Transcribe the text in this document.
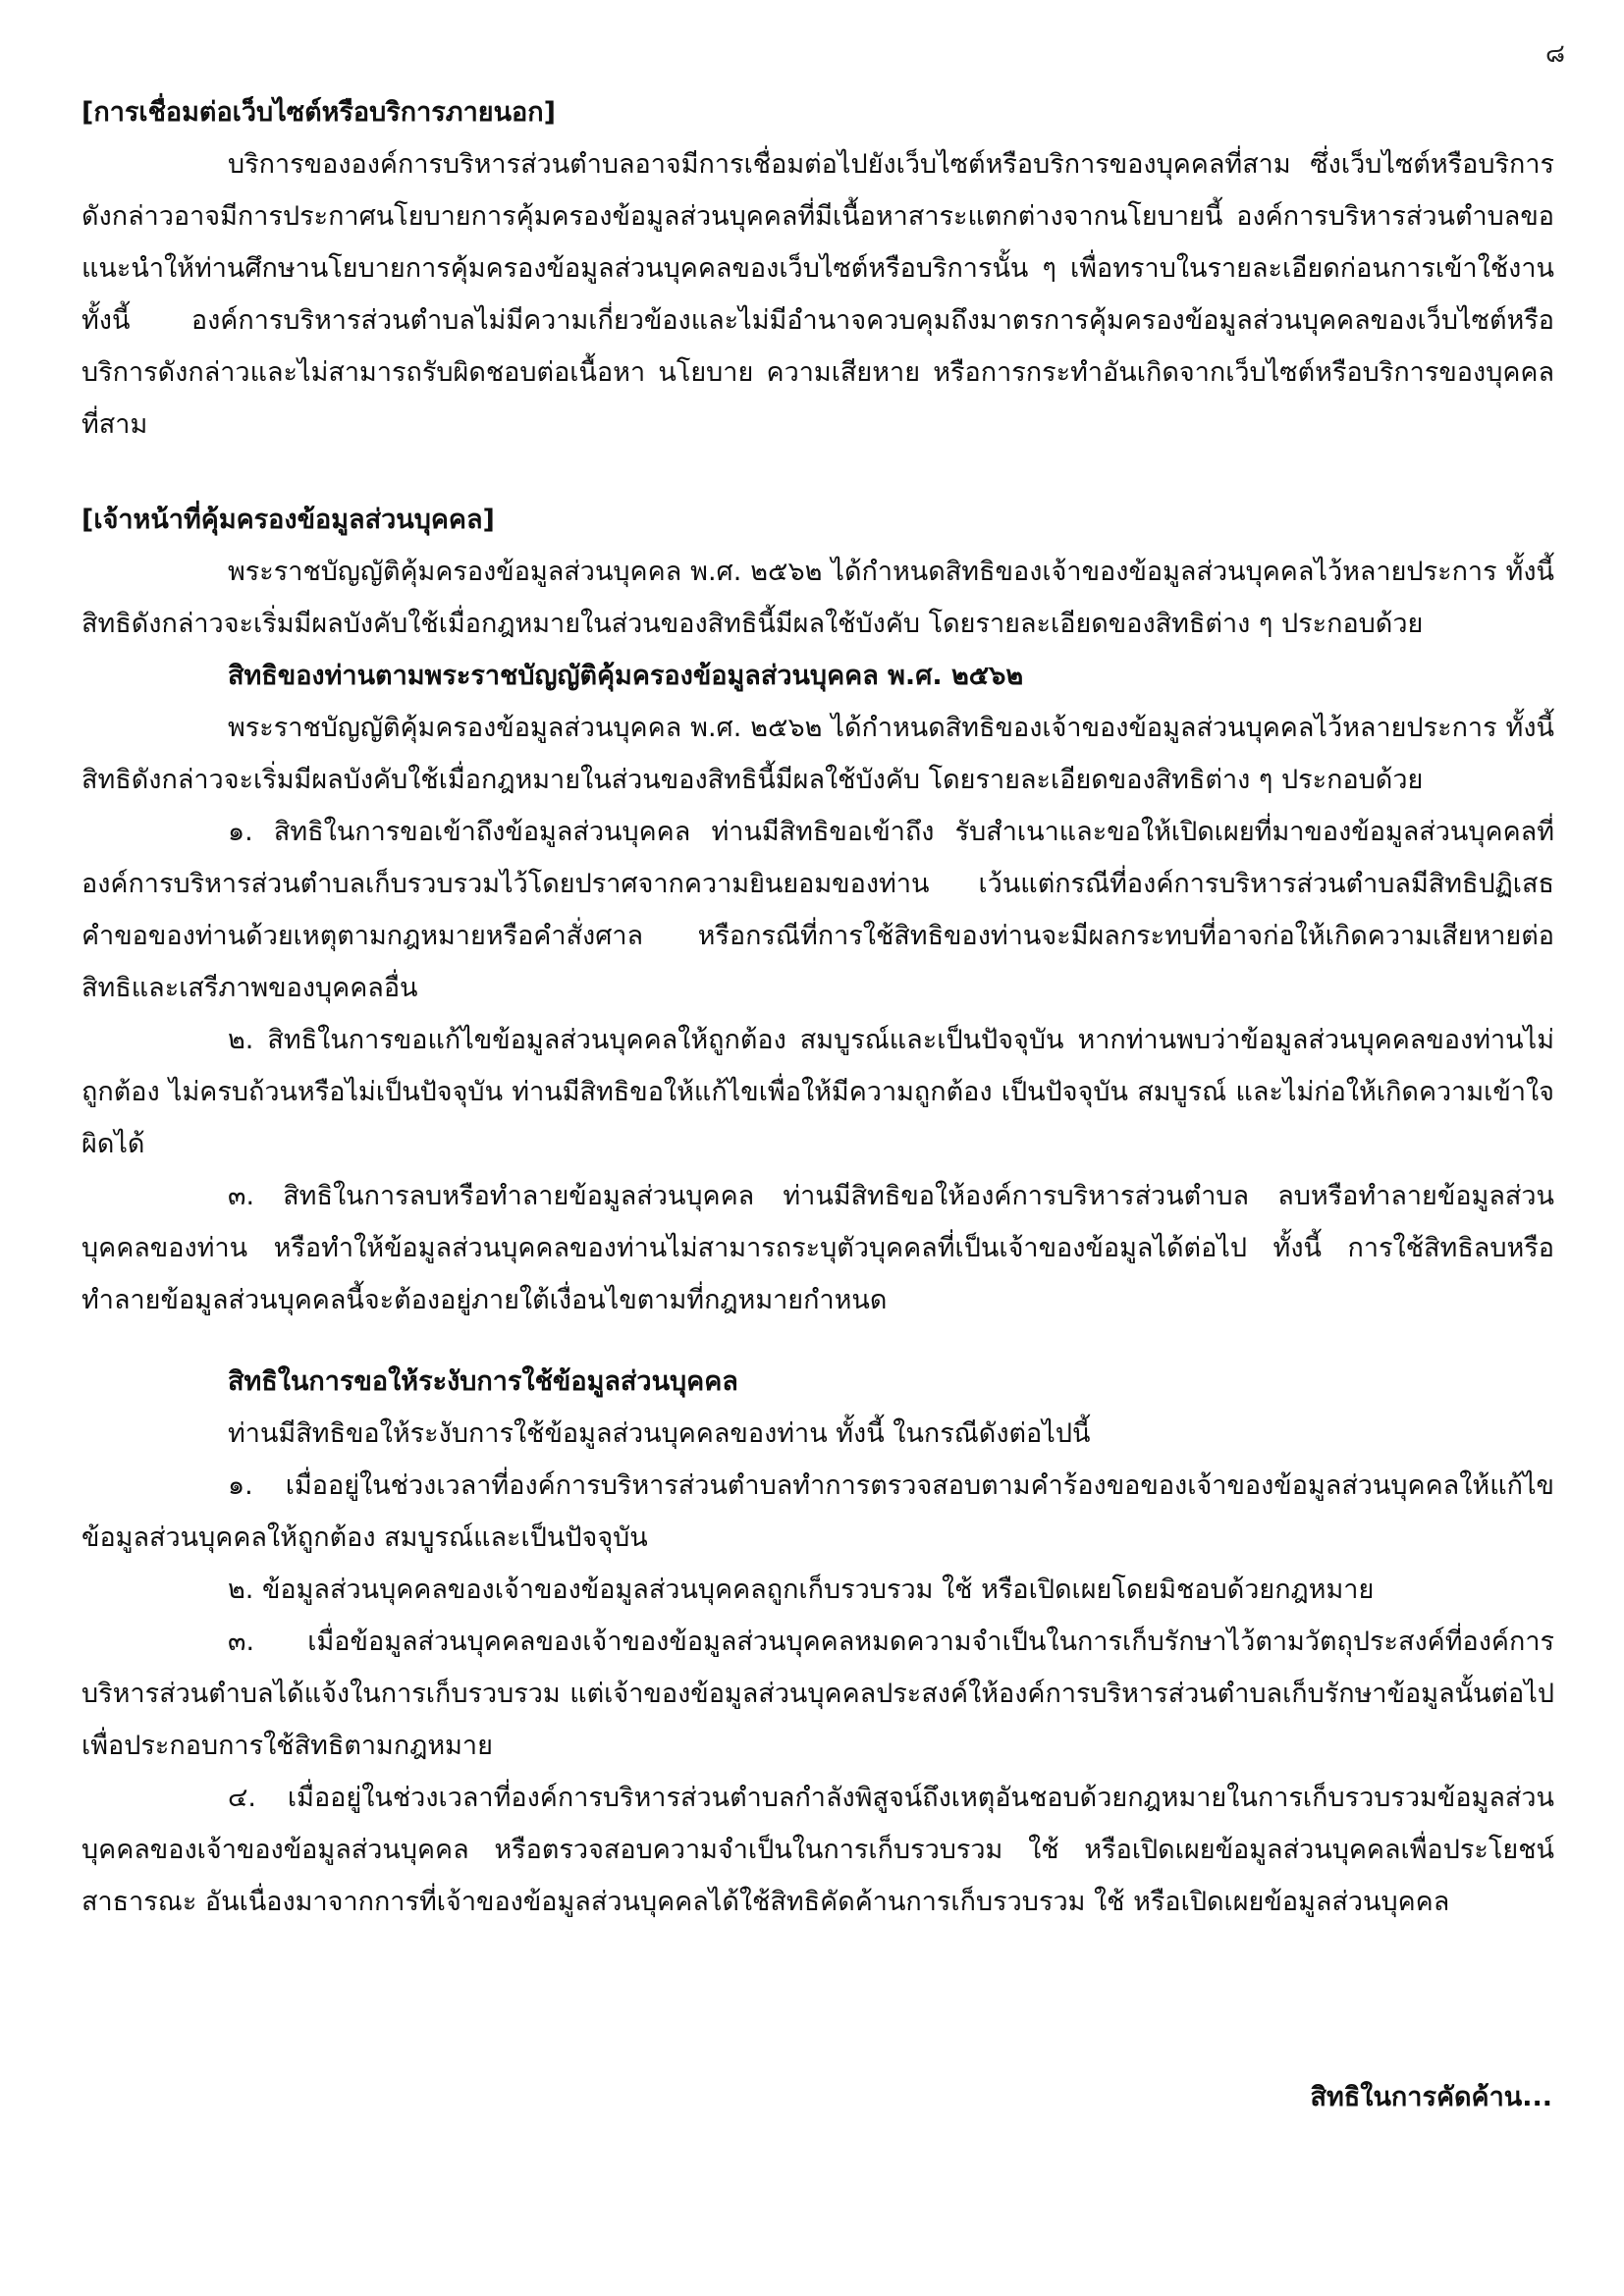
๘

[การเชื่อมต่อเว็บไซต์หรือบริการภายนอก]

บริการขององค์การบริหารส่วนตำบลอาจมีการเชื่อมต่อไปยังเว็บไซต์หรือบริการของบุคคลที่สาม ซึ่งเว็บไซต์หรือบริการดังกล่าวอาจมีการประกาศนโยบายการคุ้มครองข้อมูลส่วนบุคคลที่มีเนื้อหาสาระแตกต่างจากนโยบายนี้ องค์การบริหารส่วนตำบลขอแนะนำให้ท่านศึกษานโยบายการคุ้มครองข้อมูลส่วนบุคคลของเว็บไซต์หรือบริการนั้น ๆ เพื่อทราบในรายละเอียดก่อนการเข้าใช้งาน ทั้งนี้ องค์การบริหารส่วนตำบลไม่มีความเกี่ยวข้องและไม่มีอำนาจควบคุมถึงมาตรการคุ้มครองข้อมูลส่วนบุคคลของเว็บไซต์หรือบริการดังกล่าวและไม่สามารถรับผิดชอบต่อเนื้อหา นโยบาย ความเสียหาย หรือการกระทำอันเกิดจากเว็บไซต์หรือบริการของบุคคลที่สาม

[เจ้าหน้าที่คุ้มครองข้อมูลส่วนบุคคล]

พระราชบัญญัติคุ้มครองข้อมูลส่วนบุคคล พ.ศ. ๒๕๖๒ ได้กำหนดสิทธิของเจ้าของข้อมูลส่วนบุคคลไว้หลายประการ ทั้งนี้ สิทธิดังกล่าวจะเริ่มมีผลบังคับใช้เมื่อกฎหมายในส่วนของสิทธินี้มีผลใช้บังคับ โดยรายละเอียดของสิทธิต่าง ๆ ประกอบด้วย

สิทธิของท่านตามพระราชบัญญัติคุ้มครองข้อมูลส่วนบุคคล พ.ศ. ๒๕๖๒

พระราชบัญญัติคุ้มครองข้อมูลส่วนบุคคล พ.ศ. ๒๕๖๒ ได้กำหนดสิทธิของเจ้าของข้อมูลส่วนบุคคลไว้หลายประการ ทั้งนี้ สิทธิดังกล่าวจะเริ่มมีผลบังคับใช้เมื่อกฎหมายในส่วนของสิทธินี้มีผลใช้บังคับ โดยรายละเอียดของสิทธิต่าง ๆ ประกอบด้วย

๑. สิทธิในการขอเข้าถึงข้อมูลส่วนบุคคล ท่านมีสิทธิขอเข้าถึง รับสำเนาและขอให้เปิดเผยที่มาของข้อมูลส่วนบุคคลที่องค์การบริหารส่วนตำบลเก็บรวบรวมไว้โดยปราศจากความยินยอมของท่าน เว้นแต่กรณีที่องค์การบริหารส่วนตำบลมีสิทธิปฏิเสธคำขอของท่านด้วยเหตุตามกฎหมายหรือคำสั่งศาล หรือกรณีที่การใช้สิทธิของท่านจะมีผลกระทบที่อาจก่อให้เกิดความเสียหายต่อสิทธิและเสรีภาพของบุคคลอื่น

๒. สิทธิในการขอแก้ไขข้อมูลส่วนบุคคลให้ถูกต้อง สมบูรณ์และเป็นปัจจุบัน หากท่านพบว่าข้อมูลส่วนบุคคลของท่านไม่ถูกต้อง ไม่ครบถ้วนหรือไม่เป็นปัจจุบัน ท่านมีสิทธิขอให้แก้ไขเพื่อให้มีความถูกต้อง เป็นปัจจุบัน สมบูรณ์ และไม่ก่อให้เกิดความเข้าใจผิดได้

๓. สิทธิในการลบหรือทำลายข้อมูลส่วนบุคคล ท่านมีสิทธิขอให้องค์การบริหารส่วนตำบล ลบหรือทำลายข้อมูลส่วนบุคคลของท่าน หรือทำให้ข้อมูลส่วนบุคคลของท่านไม่สามารถระบุตัวบุคคลที่เป็นเจ้าของข้อมูลได้ต่อไป ทั้งนี้ การใช้สิทธิลบหรือทำลายข้อมูลส่วนบุคคลนี้จะต้องอยู่ภายใต้เงื่อนไขตามที่กฎหมายกำหนด

สิทธิในการขอให้ระงับการใช้ข้อมูลส่วนบุคคล

ท่านมีสิทธิขอให้ระงับการใช้ข้อมูลส่วนบุคคลของท่าน ทั้งนี้ ในกรณีดังต่อไปนี้

๑. เมื่ออยู่ในช่วงเวลาที่องค์การบริหารส่วนตำบลทำการตรวจสอบตามคำร้องขอของเจ้าของข้อมูลส่วนบุคคลให้แก้ไขข้อมูลส่วนบุคคลให้ถูกต้อง สมบูรณ์และเป็นปัจจุบัน

๒. ข้อมูลส่วนบุคคลของเจ้าของข้อมูลส่วนบุคคลถูกเก็บรวบรวม ใช้ หรือเปิดเผยโดยมิชอบด้วยกฎหมาย

๓. เมื่อข้อมูลส่วนบุคคลของเจ้าของข้อมูลส่วนบุคคลหมดความจำเป็นในการเก็บรักษาไว้ตามวัตถุประสงค์ที่องค์การบริหารส่วนตำบลได้แจ้งในการเก็บรวบรวม แต่เจ้าของข้อมูลส่วนบุคคลประสงค์ให้องค์การบริหารส่วนตำบลเก็บรักษาข้อมูลนั้นต่อไปเพื่อประกอบการใช้สิทธิตามกฎหมาย

๔. เมื่ออยู่ในช่วงเวลาที่องค์การบริหารส่วนตำบลกำลังพิสูจน์ถึงเหตุอันชอบด้วยกฎหมายในการเก็บรวบรวมข้อมูลส่วนบุคคลของเจ้าของข้อมูลส่วนบุคคล หรือตรวจสอบความจำเป็นในการเก็บรวบรวม ใช้ หรือเปิดเผยข้อมูลส่วนบุคคลเพื่อประโยชน์สาธารณะ อันเนื่องมาจากการที่เจ้าของข้อมูลส่วนบุคคลได้ใช้สิทธิคัดค้านการเก็บรวบรวม ใช้ หรือเปิดเผยข้อมูลส่วนบุคคล

สิทธิในการคัดค้าน...
